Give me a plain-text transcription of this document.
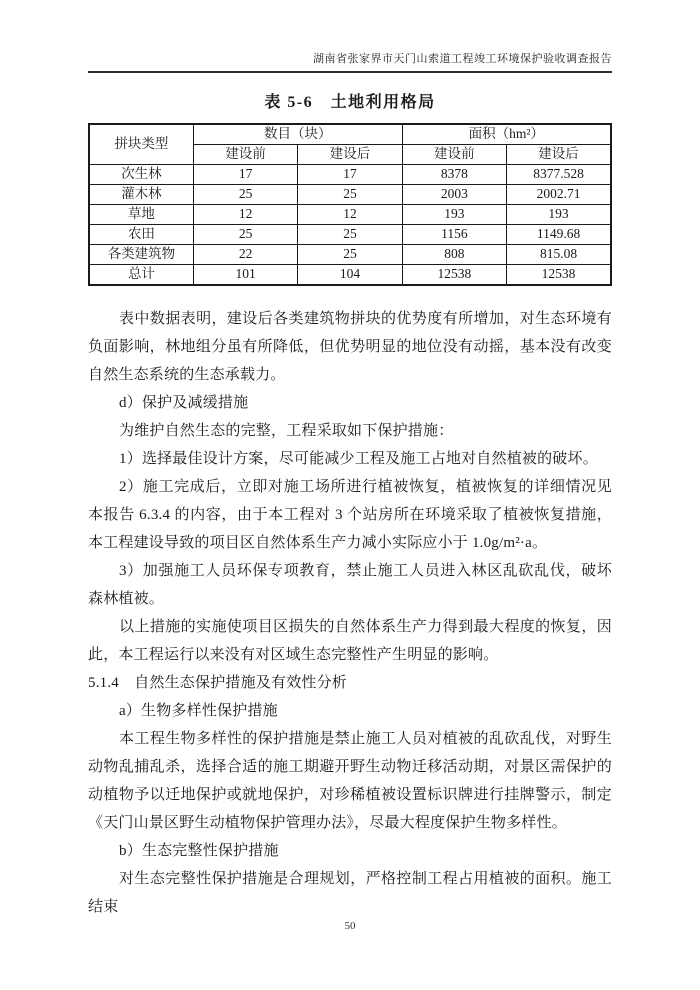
湖南省张家界市天门山索道工程竣工环境保护验收调查报告
表 5-6　土地利用格局
拼块类型	数目（块）		面积（hm²）	
	建设前	建设后	建设前	建设后
次生林	17	17	8378	8377.528
灌木林	25	25	2003	2002.71
草地	12	12	193	193
农田	25	25	1156	1149.68
各类建筑物	22	25	808	815.08
总计	101	104	12538	12538

表中数据表明，建设后各类建筑物拼块的优势度有所增加，对生态环境有负面影响，林地组分虽有所降低，但优势明显的地位没有动摇，基本没有改变自然生态系统的生态承载力。

d）保护及减缓措施

为维护自然生态的完整，工程采取如下保护措施：

1）选择最佳设计方案，尽可能减少工程及施工占地对自然植被的破坏。

2）施工完成后，立即对施工场所进行植被恢复，植被恢复的详细情况见本报告 6.3.4 的内容，由于本工程对 3 个站房所在环境采取了植被恢复措施，本工程建设导致的项目区自然体系生产力减小实际应小于 1.0g/m²·a。

3）加强施工人员环保专项教育，禁止施工人员进入林区乱砍乱伐，破坏森林植被。

以上措施的实施使项目区损失的自然体系生产力得到最大程度的恢复，因此，本工程运行以来没有对区域生态完整性产生明显的影响。

5.1.4　自然生态保护措施及有效性分析

a）生物多样性保护措施

本工程生物多样性的保护措施是禁止施工人员对植被的乱砍乱伐，对野生动物乱捕乱杀，选择合适的施工期避开野生动物迁移活动期，对景区需保护的动植物予以迁地保护或就地保护，对珍稀植被设置标识牌进行挂牌警示，制定《天门山景区野生动植物保护管理办法》，尽最大程度保护生物多样性。

b）生态完整性保护措施

对生态完整性保护措施是合理规划，严格控制工程占用植被的面积。施工结束

50
